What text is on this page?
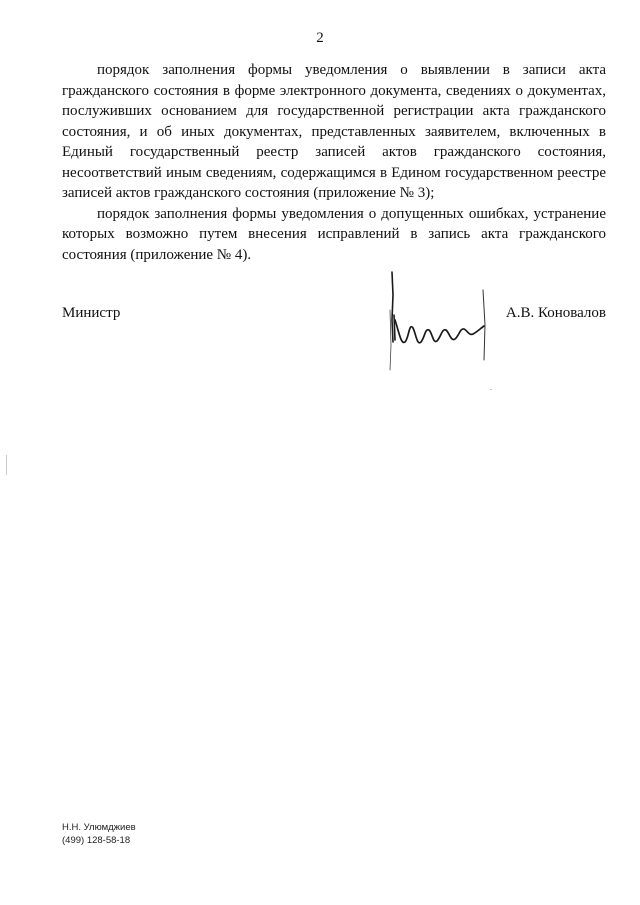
2

порядок заполнения формы уведомления о выявлении в записи акта гражданского состояния в форме электронного документа, сведениях о документах, послуживших основанием для государственной регистрации акта гражданского состояния, и об иных документах, представленных заявителем, включенных в Единый государственный реестр записей актов гражданского состояния, несоответствий иным сведениям, содержащимся в Едином государственном реестре записей актов гражданского состояния (приложение № 3);

порядок заполнения формы уведомления о допущенных ошибках, устранение которых возможно путем внесения исправлений в запись акта гражданского состояния (приложение № 4).

Министр	А.В. Коновалов
Н.Н. Улюмджиев
(499) 128-58-18
